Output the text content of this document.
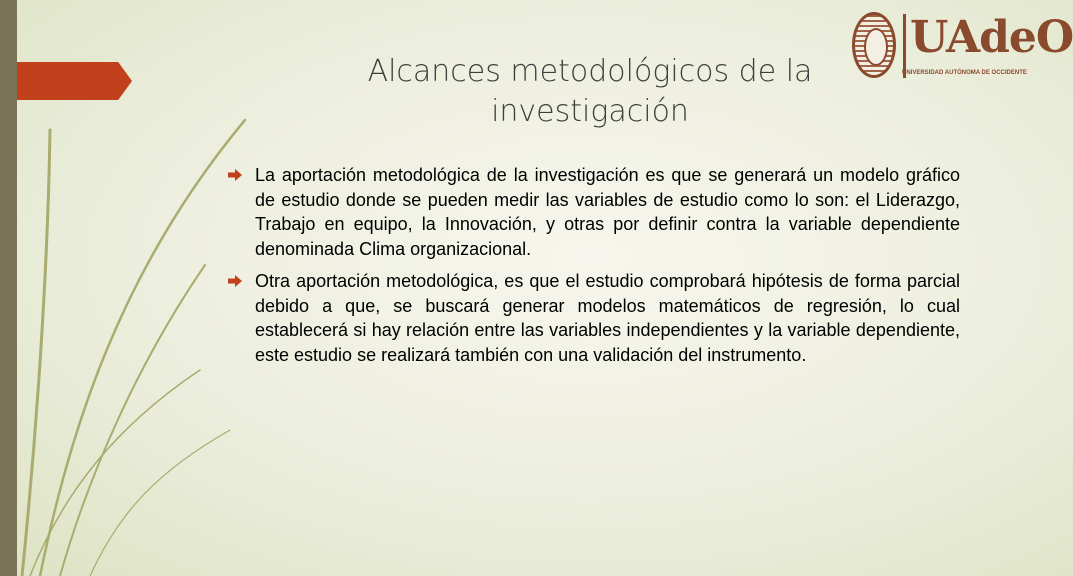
Alcances metodológicos de la investigación
UAdeO
UNIVERSIDAD AUTÓNOMA DE OCCIDENTE

La aportación metodológica de la investigación es que se generará un modelo gráfico de estudio donde se pueden medir las variables de estudio como lo son: el Liderazgo, Trabajo en equipo, la Innovación, y otras por definir contra la variable dependiente denominada Clima organizacional.

Otra aportación metodológica, es que el estudio comprobará hipótesis de forma parcial debido a que, se buscará generar modelos matemáticos de regresión, lo cual establecerá si hay relación entre las variables independientes y la variable dependiente, este estudio se realizará también con una validación del instrumento.
